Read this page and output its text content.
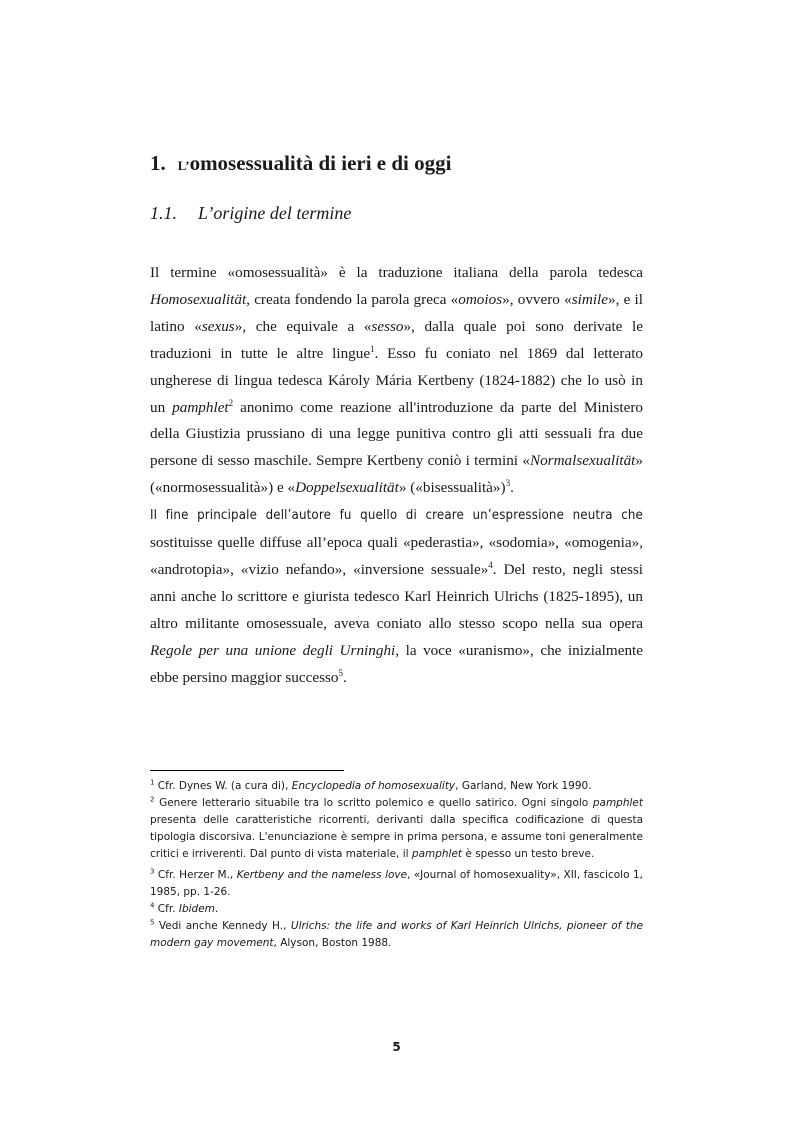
1. L’omosessualità di ieri e di oggi
1.1. L’origine del termine

Il termine «omosessualità» è la traduzione italiana della parola tedesca Homosexualität, creata fondendo la parola greca «omoios», ovvero «simile», e il latino «sexus», che equivale a «sesso», dalla quale poi sono derivate le traduzioni in tutte le altre lingue$^1$. Esso fu coniato nel 1869 dal letterato ungherese di lingua tedesca Károly Mária Kertbeny (1824-1882) che lo usò in un pamphlet$^2$ anonimo come reazione all'introduzione da parte del Ministero della Giustizia prussiano di una legge punitiva contro gli atti sessuali fra due persone di sesso maschile. Sempre Kertbeny coniò i termini «Normalsexualität» («normosessualità») e «Doppelsexualität» («bisessualità»)$^3$.

Il fine principale dell’autore fu quello di creare un’espressione neutra che sostituisse quelle diffuse all’epoca quali «pederastia», «sodomia», «omogenia», «androtopia», «vizio nefando», «inversione sessuale»$^4$. Del resto, negli stessi anni anche lo scrittore e giurista tedesco Karl Heinrich Ulrichs (1825-1895), un altro militante omosessuale, aveva coniato allo stesso scopo nella sua opera Regole per una unione degli Urninghi, la voce «uranismo», che inizialmente ebbe persino maggior successo$^5$.

$^1$ Cfr. Dynes W. (a cura di), Encyclopedia of homosexuality, Garland, New York 1990.

$^2$ Genere letterario situabile tra lo scritto polemico e quello satirico. Ogni singolo pamphlet presenta delle caratteristiche ricorrenti, derivanti dalla specifica codificazione di questa tipologia discorsiva. L'enunciazione è sempre in prima persona, e assume toni generalmente critici e irriverenti. Dal punto di vista materiale, il pamphlet è spesso un testo breve.

$^3$ Cfr. Herzer M., Kertbeny and the nameless love, «Journal of homosexuality», XII, fascicolo 1, 1985, pp. 1-26.

$^4$ Cfr. Ibidem.

$^5$ Vedi anche Kennedy H., Ulrichs: the life and works of Karl Heinrich Ulrichs, pioneer of the modern gay movement, Alyson, Boston 1988.

5
